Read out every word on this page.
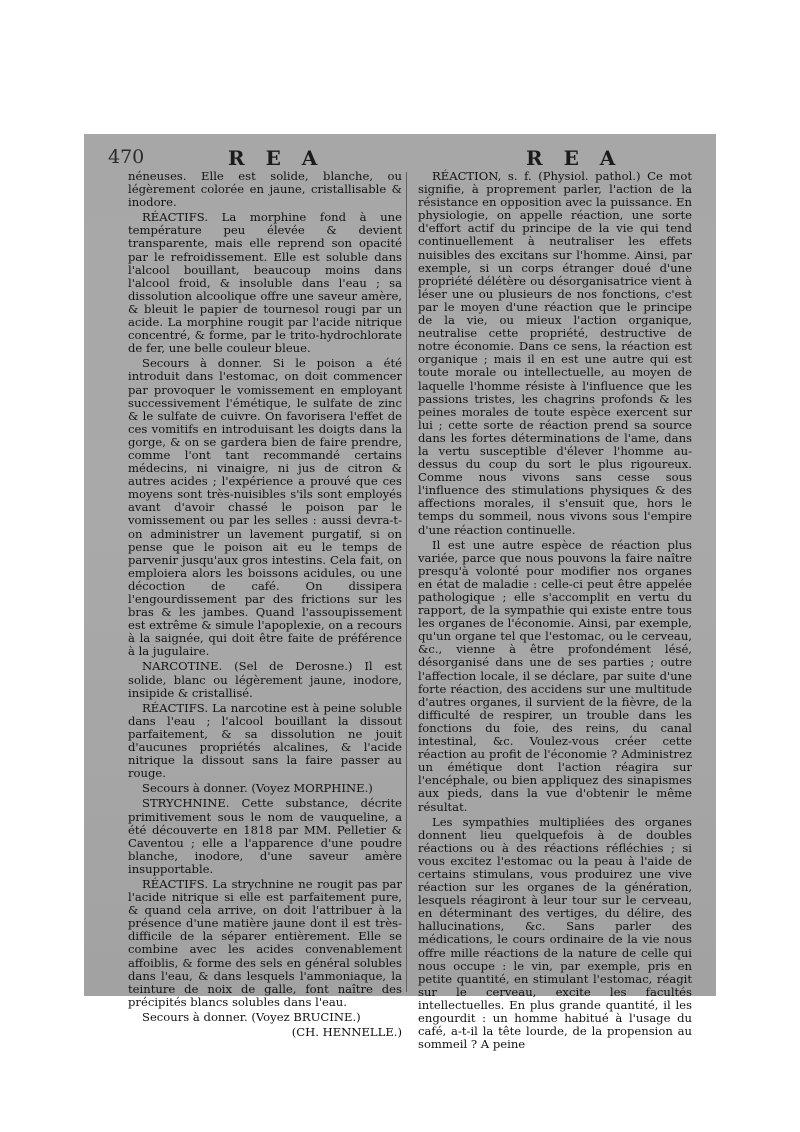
470	R E A	R E A

néneuses. Elle est solide, blanche, ou légèrement colorée en jaune, cristallisable & inodore.

RÉACTIFS. La morphine fond à une température peu élevée & devient transparente, mais elle reprend son opacité par le refroidissement. Elle est soluble dans l'alcool bouillant, beaucoup moins dans l'alcool froid, & insoluble dans l'eau ; sa dissolution alcoolique offre une saveur amère, & bleuit le papier de tournesol rougi par un acide. La morphine rougit par l'acide nitrique concentré, & forme, par le trito-hydrochlorate de fer, une belle couleur bleue.

Secours à donner. Si le poison a été introduit dans l'estomac, on doit commencer par provoquer le vomissement en employant successivement l'émétique, le sulfate de zinc & le sulfate de cuivre. On favorisera l'effet de ces vomitifs en introduisant les doigts dans la gorge, & on se gardera bien de faire prendre, comme l'ont tant recommandé certains médecins, ni vinaigre, ni jus de citron & autres acides ; l'expérience a prouvé que ces moyens sont très-nuisibles s'ils sont employés avant d'avoir chassé le poison par le vomissement ou par les selles : aussi devra-t-on administrer un lavement purgatif, si on pense que le poison ait eu le temps de parvenir jusqu'aux gros intestins. Cela fait, on emploiera alors les boissons acidules, ou une décoction de café. On dissipera l'engourdissement par des frictions sur les bras & les jambes. Quand l'assoupissement est extrême & simule l'apoplexie, on a recours à la saignée, qui doit être faite de préférence à la jugulaire.

NARCOTINE. (Sel de Derosne.) Il est solide, blanc ou légèrement jaune, inodore, insipide & cristallisé.

RÉACTIFS. La narcotine est à peine soluble dans l'eau ; l'alcool bouillant la dissout parfaitement, & sa dissolution ne jouit d'aucunes propriétés alcalines, & l'acide nitrique la dissout sans la faire passer au rouge.

Secours à donner. (Voyez MORPHINE.)

STRYCHNINE. Cette substance, décrite primitivement sous le nom de vauqueline, a été découverte en 1818 par MM. Pelletier & Caventou ; elle a l'apparence d'une poudre blanche, inodore, d'une saveur amère insupportable.

RÉACTIFS. La strychnine ne rougit pas par l'acide nitrique si elle est parfaitement pure, & quand cela arrive, on doit l'attribuer à la présence d'une matière jaune dont il est très-difficile de la séparer entièrement. Elle se combine avec les acides convenablement affoiblis, & forme des sels en général solubles dans l'eau, & dans lesquels l'ammoniaque, la teinture de noix de galle, font naître des précipités blancs solubles dans l'eau.

Secours à donner. (Voyez BRUCINE.)

(CH. HENNELLE.)

RÉACTION, s. f. (Physiol. pathol.) Ce mot signifie, à proprement parler, l'action de la résistance en opposition avec la puissance. En physiologie, on appelle réaction, une sorte d'effort actif du principe de la vie qui tend continuellement à neutraliser les effets nuisibles des excitans sur l'homme. Ainsi, par exemple, si un corps étranger doué d'une propriété délétère ou désorganisatrice vient à léser une ou plusieurs de nos fonctions, c'est par le moyen d'une réaction que le principe de la vie, ou mieux l'action organique, neutralise cette propriété, destructive de notre économie. Dans ce sens, la réaction est organique ; mais il en est une autre qui est toute morale ou intellectuelle, au moyen de laquelle l'homme résiste à l'influence que les passions tristes, les chagrins profonds & les peines morales de toute espèce exercent sur lui ; cette sorte de réaction prend sa source dans les fortes déterminations de l'ame, dans la vertu susceptible d'élever l'homme au-dessus du coup du sort le plus rigoureux. Comme nous vivons sans cesse sous l'influence des stimulations physiques & des affections morales, il s'ensuit que, hors le temps du sommeil, nous vivons sous l'empire d'une réaction continuelle.

Il est une autre espèce de réaction plus variée, parce que nous pouvons la faire naître presqu'à volonté pour modifier nos organes en état de maladie : celle-ci peut être appelée pathologique ; elle s'accomplit en vertu du rapport, de la sympathie qui existe entre tous les organes de l'économie. Ainsi, par exemple, qu'un organe tel que l'estomac, ou le cerveau, &c., vienne à être profondément lésé, désorganisé dans une de ses parties ; outre l'affection locale, il se déclare, par suite d'une forte réaction, des accidens sur une multitude d'autres organes, il survient de la fièvre, de la difficulté de respirer, un trouble dans les fonctions du foie, des reins, du canal intestinal, &c. Voulez-vous créer cette réaction au profit de l'économie ? Administrez un émétique dont l'action réagira sur l'encéphale, ou bien appliquez des sinapismes aux pieds, dans la vue d'obtenir le même résultat.

Les sympathies multipliées des organes donnent lieu quelquefois à de doubles réactions ou à des réactions réfléchies ; si vous excitez l'estomac ou la peau à l'aide de certains stimulans, vous produirez une vive réaction sur les organes de la génération, lesquels réagiront à leur tour sur le cerveau, en déterminant des vertiges, du délire, des hallucinations, &c. Sans parler des médications, le cours ordinaire de la vie nous offre mille réactions de la nature de celle qui nous occupe : le vin, par exemple, pris en petite quantité, en stimulant l'estomac, réagit sur le cerveau, excite les facultés intellectuelles. En plus grande quantité, il les engourdit : un homme habitué à l'usage du café, a-t-il la tête lourde, de la propension au sommeil ? A peine
